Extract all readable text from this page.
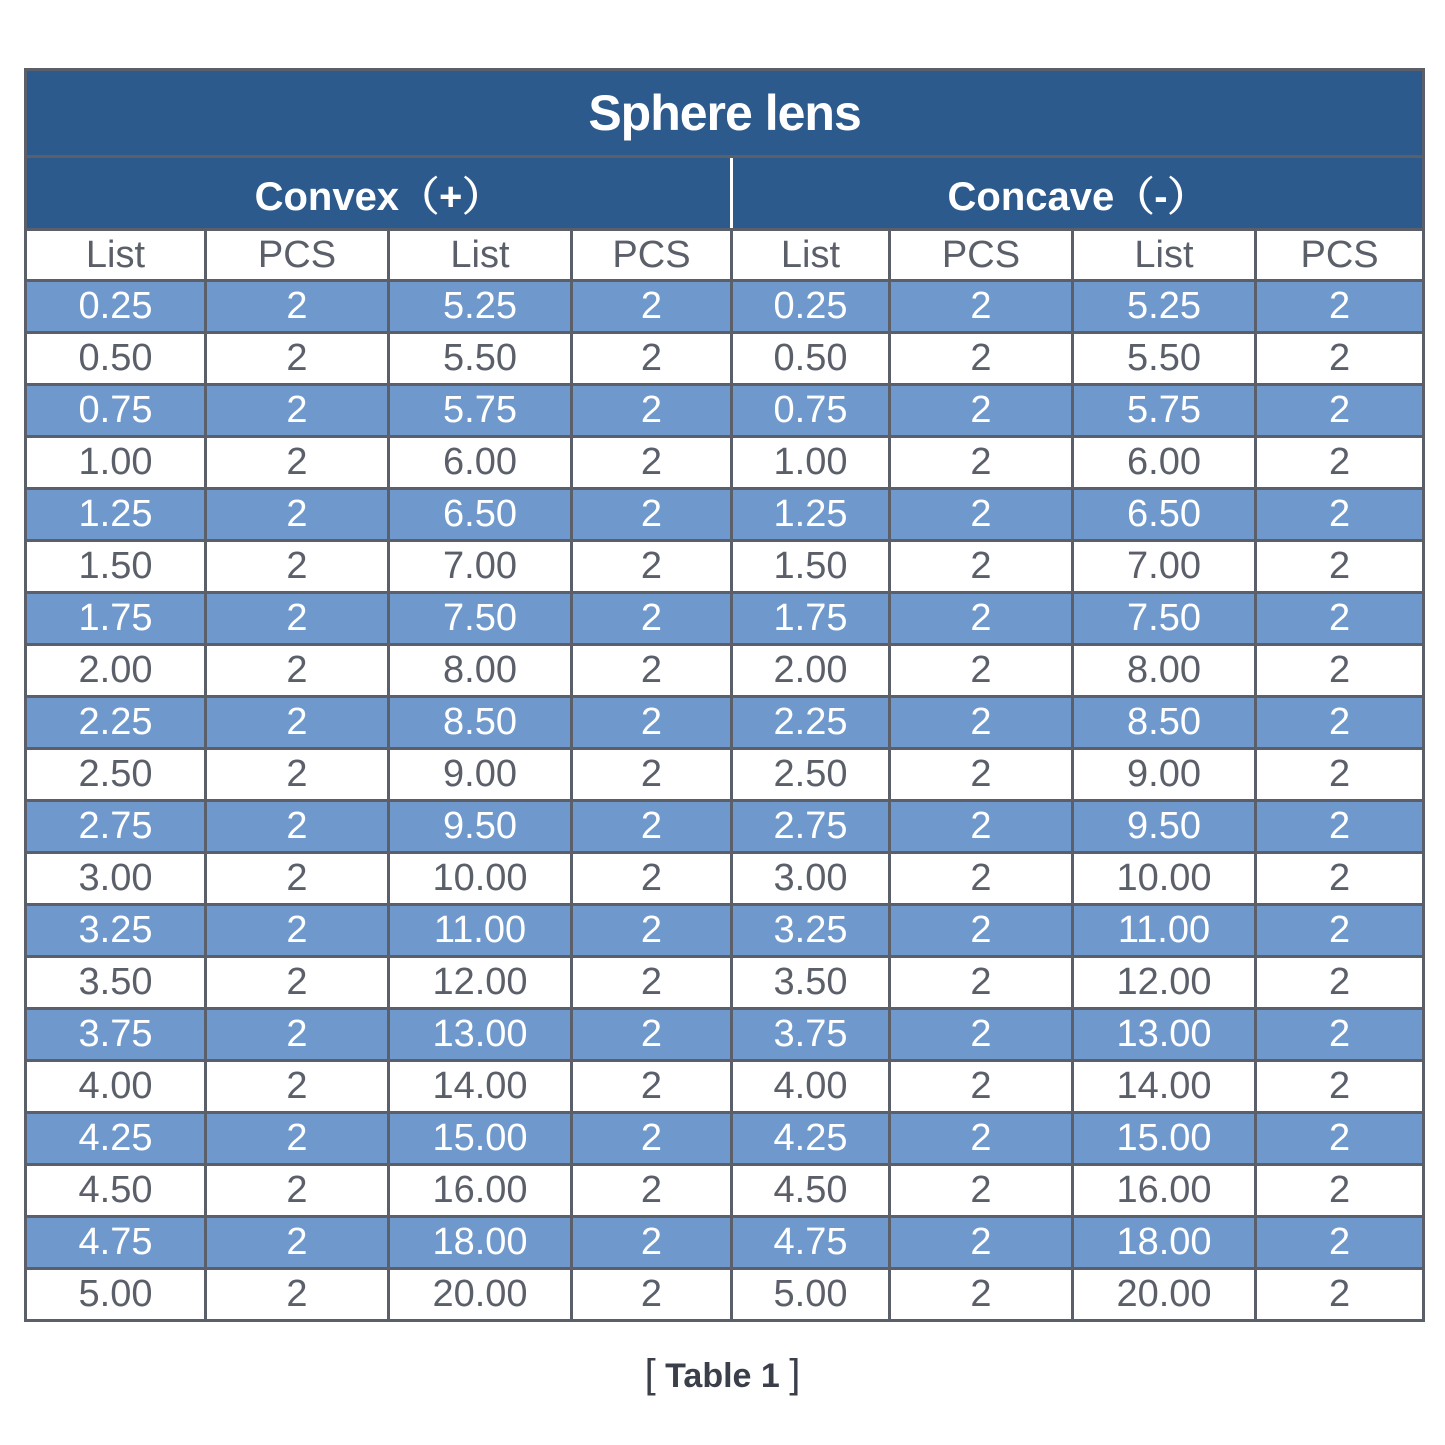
Sphere lens							
Convex（+）				Concave（-）			
List	PCS	List	PCS	List	PCS	List	PCS
0.25	2	5.25	2	0.25	2	5.25	2
0.50	2	5.50	2	0.50	2	5.50	2
0.75	2	5.75	2	0.75	2	5.75	2
1.00	2	6.00	2	1.00	2	6.00	2
1.25	2	6.50	2	1.25	2	6.50	2
1.50	2	7.00	2	1.50	2	7.00	2
1.75	2	7.50	2	1.75	2	7.50	2
2.00	2	8.00	2	2.00	2	8.00	2
2.25	2	8.50	2	2.25	2	8.50	2
2.50	2	9.00	2	2.50	2	9.00	2
2.75	2	9.50	2	2.75	2	9.50	2
3.00	2	10.00	2	3.00	2	10.00	2
3.25	2	11.00	2	3.25	2	11.00	2
3.50	2	12.00	2	3.50	2	12.00	2
3.75	2	13.00	2	3.75	2	13.00	2
4.00	2	14.00	2	4.00	2	14.00	2
4.25	2	15.00	2	4.25	2	15.00	2
4.50	2	16.00	2	4.50	2	16.00	2
4.75	2	18.00	2	4.75	2	18.00	2
5.00	2	20.00	2	5.00	2	20.00	2
[ Table 1 ]
